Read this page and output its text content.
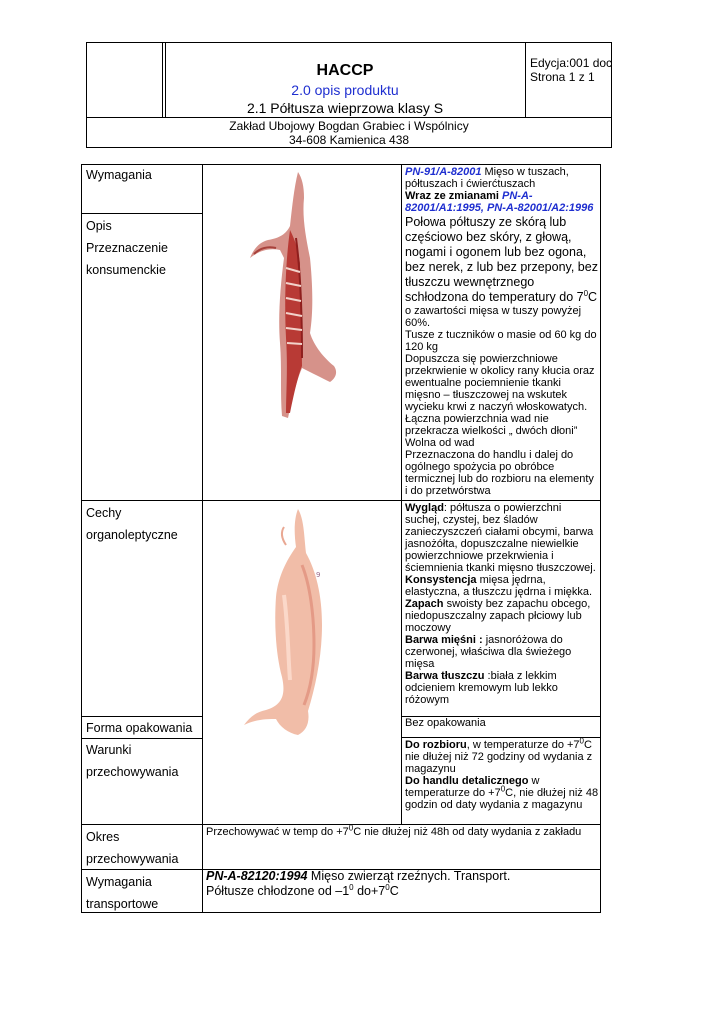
HACCP
2.0 opis produktu
2.1 Półtusza wieprzowa klasy S
Edycja:001 doc
Strona 1 z 1
Zakład Ubojowy Bogdan Grabiec i Wspólnicy
34-608 Kamienica 438
Wymagania	PN-91/A-82001 Mięso w tuszach, półtuszach i ćwierćtuszach
Wraz ze zmianami PN-A-82001/A1:1995, PN-A-82001/A2:1996
Opis
Przeznaczenie
konsumenckie
Połowa półtuszy ze skórą lub częściowo bez skóry, z głową, nogami i ogonem lub bez ogona, bez nerek, z lub bez przepony, bez tłuszczu wewnętrznego schłodzona do temperatury do $7^0C$
o zawartości mięsa w tuszy powyżej 60%.
Tusze z tuczników o masie od 60 kg do 120 kg
Dopuszcza się powierzchniowe przekrwienie w okolicy rany kłucia oraz ewentualne pociemnienie tkanki mięsno – tłuszczowej na wskutek wycieku krwi z naczyń włoskowatych.
Łączna powierzchnia wad nie przekracza wielkości „ dwóch dłoni”
Wolna od wad
Przeznaczona do handlu i dalej do ogólnego spożycia po obróbce termicznej lub do rozbioru na elementy i do przetwórstwa
Cechy
organoleptyczne
Wygląd: półtusza o powierzchni suchej, czystej, bez śladów zanieczyszczeń ciałami obcymi, barwa jasnożółta, dopuszczalne niewielkie powierzchniowe przekrwienia i ściemnienia tkanki mięsno tłuszczowej.
Konsystencja mięsa jędrna, elastyczna, a tłuszczu jędrna i miękka.
Zapach swoisty bez zapachu obcego, niedopuszczalny zapach płciowy lub moczowy
Barwa mięśni : jasnoróżowa do czerwonej, właściwa dla świeżego mięsa
Barwa tłuszczu :biała z lekkim odcieniem kremowym lub lekko różowym
9
Forma opakowania	Bez opakowania
Warunki
przechowywania
Do rozbioru, w temperaturze do $+7^0C$ nie dłużej niż 72 godziny od wydania z magazynu
Do handlu detalicznego w temperaturze do $+7^0C$, nie dłużej niż 48 godzin od daty wydania z magazynu
Okres
przechowywania
Przechowywać w temp do $+7^0C$ nie dłużej niż 48h od daty wydania z zakładu
Wymagania
transportowe
PN-A-82120:1994 Mięso zwierząt rzeźnych. Transport.
Półtusze chłodzone od $-1^0$ $do+7^0C$
